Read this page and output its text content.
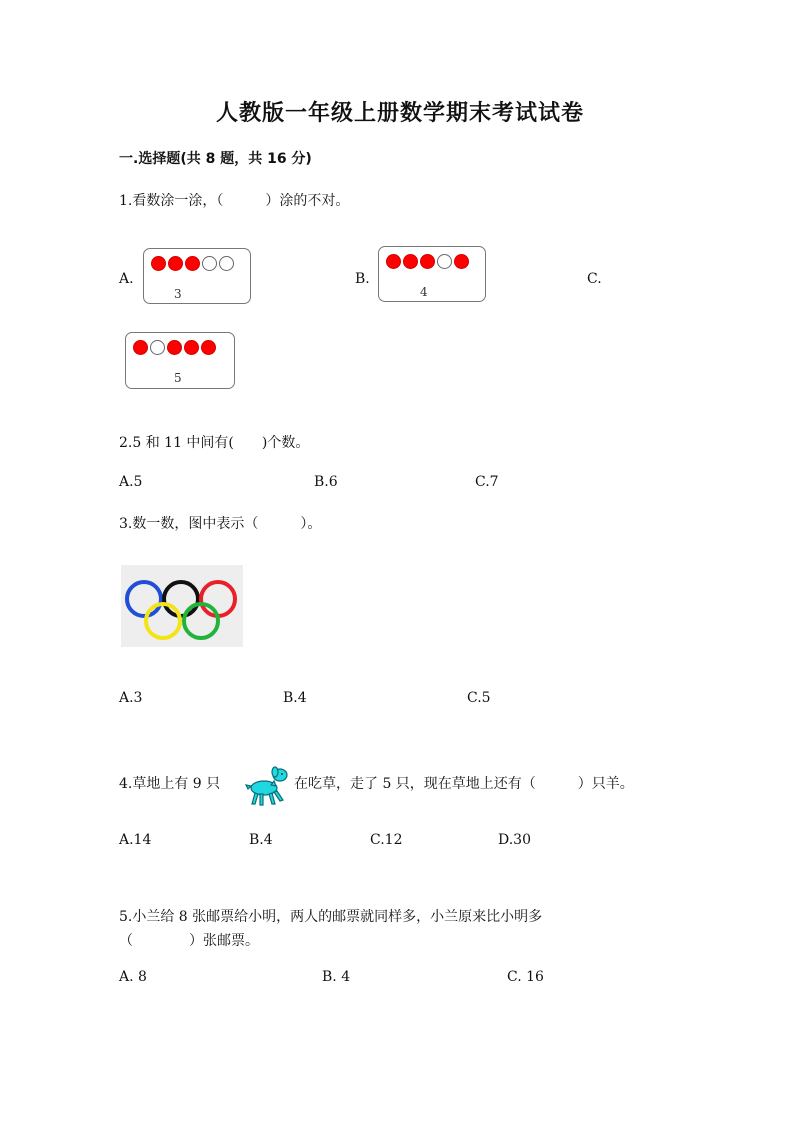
人教版一年级上册数学期末考试试卷
一.选择题(共 8 题，共 16 分)
1.看数涂一涂，（　　　）涂的不对。
A.
3
B.
4
C.
5
2.5 和 11 中间有(　　)个数。
A.5	B.6	C.7
3.数一数，图中表示（　　　）。
A.3	B.4	C.5
4.草地上有 9 只	在吃草，走了 5 只，现在草地上还有（　　　）只羊。
A.14	B.4	C.12	D.30
5.小兰给 8 张邮票给小明，两人的邮票就同样多，小兰原来比小明多
（　　　　）张邮票。
A. 8	B. 4	C. 16
